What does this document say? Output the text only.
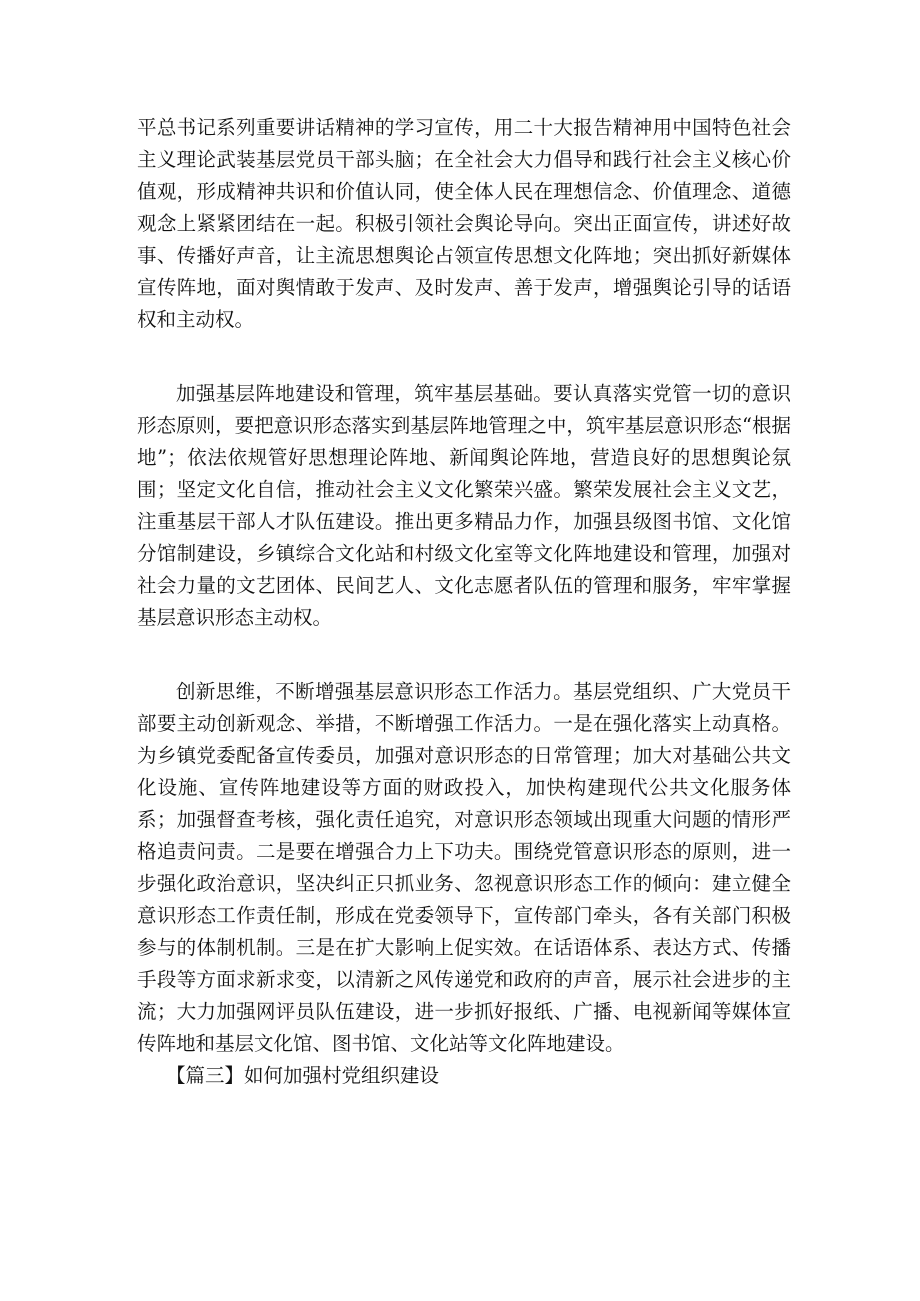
平总书记系列重要讲话精神的学习宣传，用二十大报告精神用中国特色社会主义理论武装基层党员干部头脑；在全社会大力倡导和践行社会主义核心价值观，形成精神共识和价值认同，使全体人民在理想信念、价值理念、道德观念上紧紧团结在一起。积极引领社会舆论导向。突出正面宣传，讲述好故事、传播好声音，让主流思想舆论占领宣传思想文化阵地；突出抓好新媒体宣传阵地，面对舆情敢于发声、及时发声、善于发声，增强舆论引导的话语权和主动权。

加强基层阵地建设和管理，筑牢基层基础。要认真落实党管一切的意识形态原则，要把意识形态落实到基层阵地管理之中，筑牢基层意识形态“根据地”；依法依规管好思想理论阵地、新闻舆论阵地，营造良好的思想舆论氛围；坚定文化自信，推动社会主义文化繁荣兴盛。繁荣发展社会主义文艺，注重基层干部人才队伍建设。推出更多精品力作，加强县级图书馆、文化馆分馆制建设，乡镇综合文化站和村级文化室等文化阵地建设和管理，加强对社会力量的文艺团体、民间艺人、文化志愿者队伍的管理和服务，牢牢掌握基层意识形态主动权。

创新思维，不断增强基层意识形态工作活力。基层党组织、广大党员干部要主动创新观念、举措，不断增强工作活力。一是在强化落实上动真格。为乡镇党委配备宣传委员，加强对意识形态的日常管理；加大对基础公共文化设施、宣传阵地建设等方面的财政投入，加快构建现代公共文化服务体系；加强督查考核，强化责任追究，对意识形态领域出现重大问题的情形严格追责问责。二是要在增强合力上下功夫。围绕党管意识形态的原则，进一步强化政治意识，坚决纠正只抓业务、忽视意识形态工作的倾向：建立健全意识形态工作责任制，形成在党委领导下，宣传部门牵头，各有关部门积极参与的体制机制。三是在扩大影响上促实效。在话语体系、表达方式、传播手段等方面求新求变，以清新之风传递党和政府的声音，展示社会进步的主流；大力加强网评员队伍建设，进一步抓好报纸、广播、电视新闻等媒体宣传阵地和基层文化馆、图书馆、文化站等文化阵地建设。

【篇三】如何加强村党组织建设
